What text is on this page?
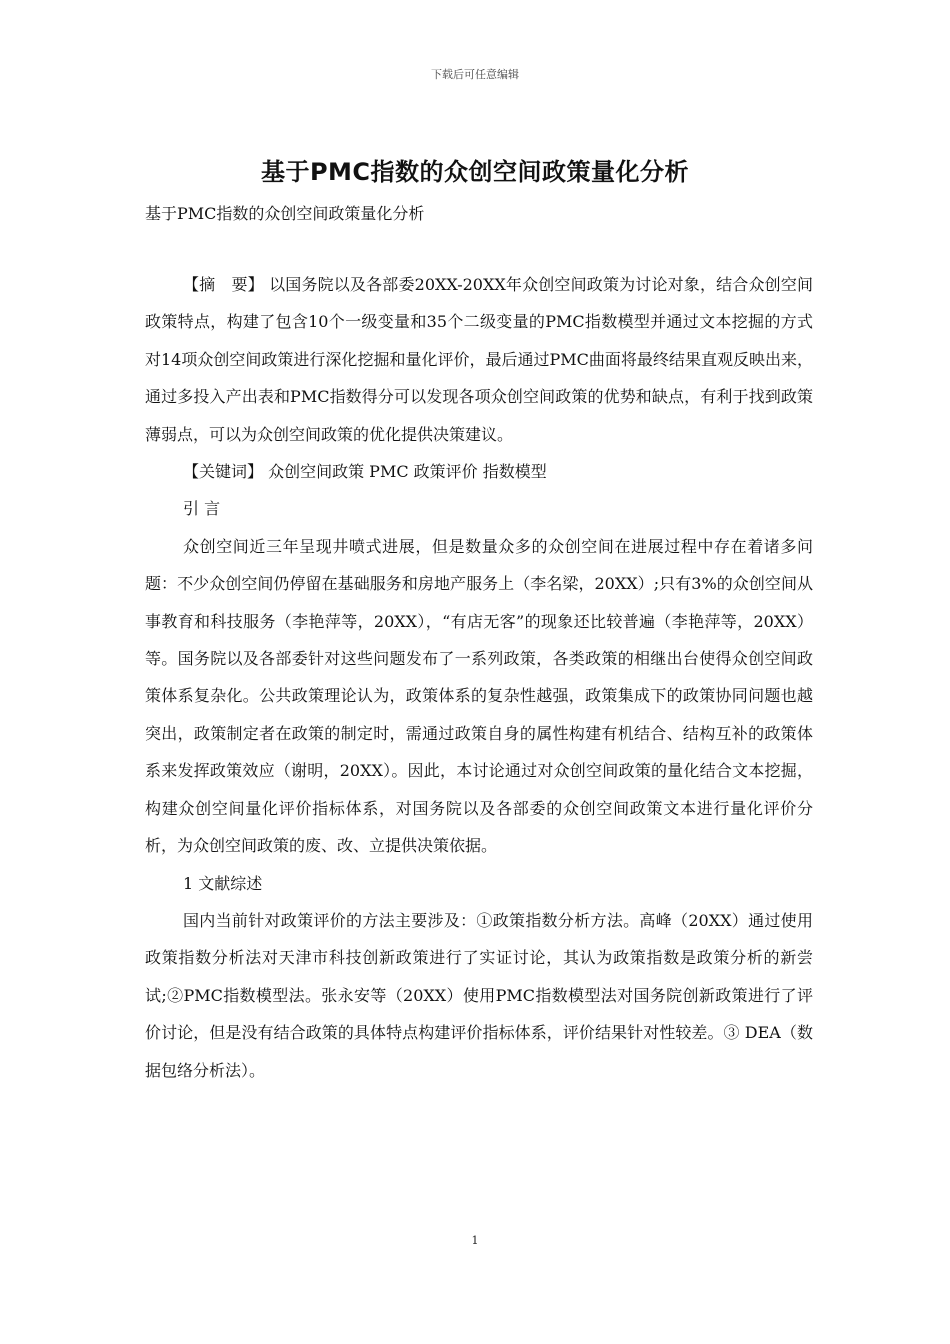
下载后可任意编辑
基于PMC指数的众创空间政策量化分析
基于PMC指数的众创空间政策量化分析

【摘　要】 以国务院以及各部委20XX-20XX年众创空间政策为讨论对象，结合众创空间政策特点，构建了包含10个一级变量和35个二级变量的PMC指数模型并通过文本挖掘的方式对14项众创空间政策进行深化挖掘和量化评价，最后通过PMC曲面将最终结果直观反映出来，通过多投入产出表和PMC指数得分可以发现各项众创空间政策的优势和缺点，有利于找到政策薄弱点，可以为众创空间政策的优化提供决策建议。

【关键词】 众创空间政策 PMC 政策评价 指数模型

引 言

众创空间近三年呈现井喷式进展，但是数量众多的众创空间在进展过程中存在着诸多问题：不少众创空间仍停留在基础服务和房地产服务上（李名梁，20XX）;只有3%的众创空间从事教育和科技服务（李艳萍等，20XX），“有店无客”的现象还比较普遍（李艳萍等，20XX）等。国务院以及各部委针对这些问题发布了一系列政策，各类政策的相继出台使得众创空间政策体系复杂化。公共政策理论认为，政策体系的复杂性越强，政策集成下的政策协同问题也越突出，政策制定者在政策的制定时，需通过政策自身的属性构建有机结合、结构互补的政策体系来发挥政策效应（谢明，20XX）。因此，本讨论通过对众创空间政策的量化结合文本挖掘，构建众创空间量化评价指标体系，对国务院以及各部委的众创空间政策文本进行量化评价分析，为众创空间政策的废、改、立提供决策依据。

1 文献综述

国内当前针对政策评价的方法主要涉及：①政策指数分析方法。高峰（20XX）通过使用政策指数分析法对天津市科技创新政策进行了实证讨论，其认为政策指数是政策分析的新尝试;②PMC指数模型法。张永安等（20XX）使用PMC指数模型法对国务院创新政策进行了评价讨论，但是没有结合政策的具体特点构建评价指标体系，评价结果针对性较差。③ DEA（数据包络分析法）。

1
